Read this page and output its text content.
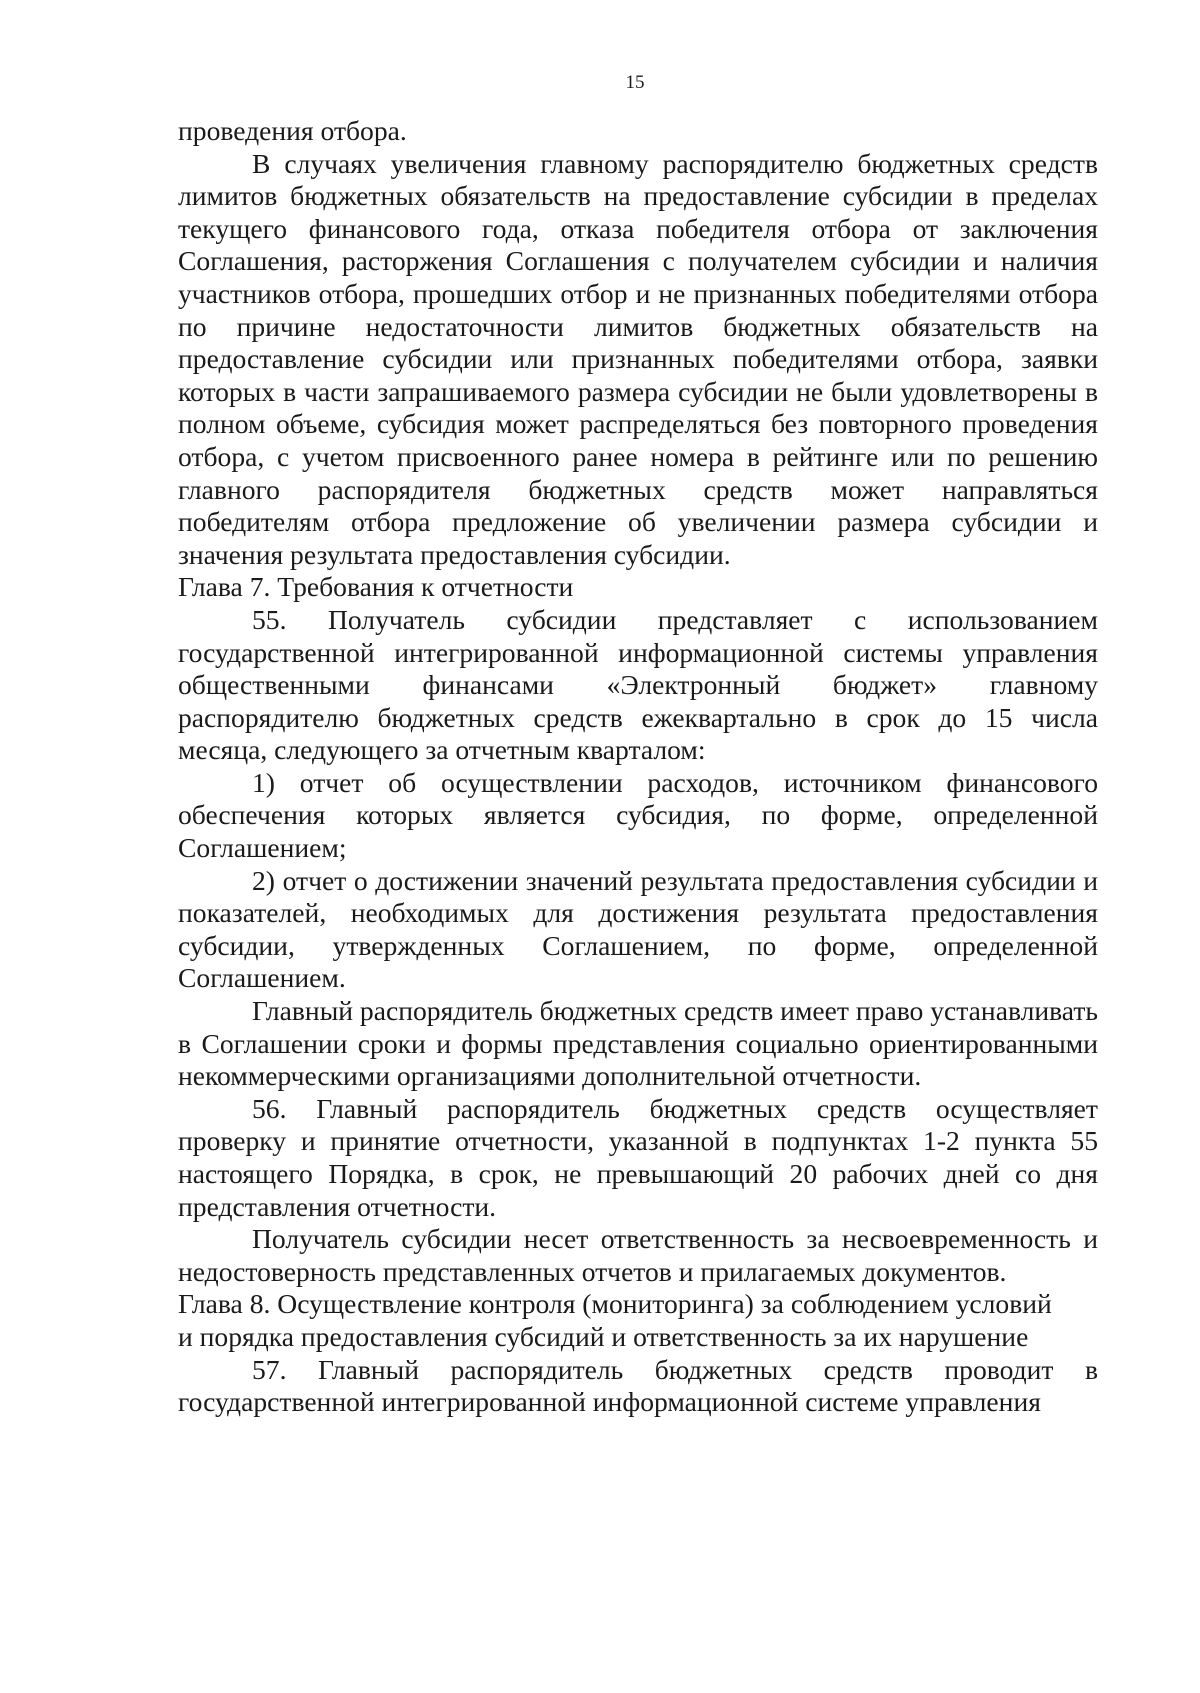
15

проведения отбора.

В случаях увеличения главному распорядителю бюджетных средств лимитов бюджетных обязательств на предоставление субсидии в пределах текущего финансового года, отказа победителя отбора от заключения Соглашения, расторжения Соглашения с получателем субсидии и наличия участников отбора, прошедших отбор и не признанных победителями отбора по причине недостаточности лимитов бюджетных обязательств на предоставление субсидии или признанных победителями отбора, заявки которых в части запрашиваемого размера субсидии не были удовлетворены в полном объеме, субсидия может распределяться без повторного проведения отбора, с учетом присвоенного ранее номера в рейтинге или по решению главного распорядителя бюджетных средств может направляться победителям отбора предложение об увеличении размера субсидии и значения результата предоставления субсидии.

Глава 7. Требования к отчетности

55. Получатель субсидии представляет с использованием государственной интегрированной информационной системы управления общественными финансами «Электронный бюджет» главному распорядителю бюджетных средств ежеквартально в срок до 15 числа месяца, следующего за отчетным кварталом:

1) отчет об осуществлении расходов, источником финансового обеспечения которых является субсидия, по форме, определенной Соглашением;

2) отчет о достижении значений результата предоставления субсидии и показателей, необходимых для достижения результата предоставления субсидии, утвержденных Соглашением, по форме, определенной Соглашением.

Главный распорядитель бюджетных средств имеет право устанавливать в Соглашении сроки и формы представления социально ориентированными некоммерческими организациями дополнительной отчетности.

56. Главный распорядитель бюджетных средств осуществляет проверку и принятие отчетности, указанной в подпунктах 1-2 пункта 55 настоящего Порядка, в срок, не превышающий 20 рабочих дней со дня представления отчетности.

Получатель субсидии несет ответственность за несвоевременность и недостоверность представленных отчетов и прилагаемых документов.

Глава 8. Осуществление контроля (мониторинга) за соблюдением условий
и порядка предоставления субсидий и ответственность за их нарушение

57. Главный распорядитель бюджетных средств проводит в государственной интегрированной информационной системе управления
